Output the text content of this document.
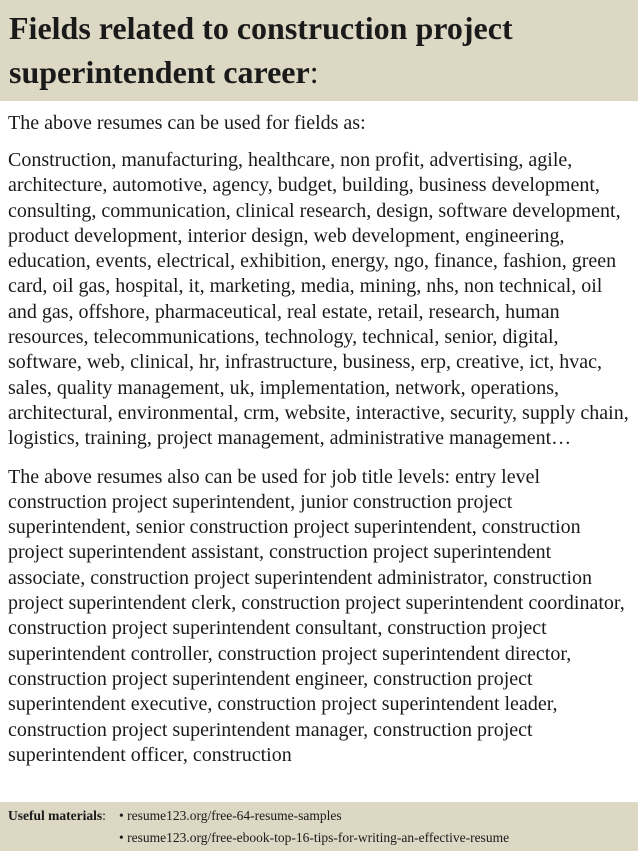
Fields related to construction project superintendent career:

The above resumes can be used for fields as:

Construction, manufacturing, healthcare, non profit, advertising, agile, architecture, automotive, agency, budget, building, business development, consulting, communication, clinical research, design, software development, product development, interior design, web development, engineering, education, events, electrical, exhibition, energy, ngo, finance, fashion, green card, oil gas, hospital, it, marketing, media, mining, nhs, non technical, oil and gas, offshore, pharmaceutical, real estate, retail, research, human resources, telecommunications, technology, technical, senior, digital, software, web, clinical, hr, infrastructure, business, erp, creative, ict, hvac, sales, quality management, uk, implementation, network, operations, architectural, environmental, crm, website, interactive, security, supply chain, logistics, training, project management, administrative management…

The above resumes also can be used for job title levels: entry level construction project superintendent, junior construction project superintendent, senior construction project superintendent, construction project superintendent assistant, construction project superintendent associate, construction project superintendent administrator, construction project superintendent clerk, construction project superintendent coordinator, construction project superintendent consultant, construction project superintendent controller, construction project superintendent director, construction project superintendent engineer, construction project superintendent executive, construction project superintendent leader, construction project superintendent manager, construction project superintendent officer, construction

Useful materials: • resume123.org/free-64-resume-samples
• resume123.org/free-ebook-top-16-tips-for-writing-an-effective-resume
